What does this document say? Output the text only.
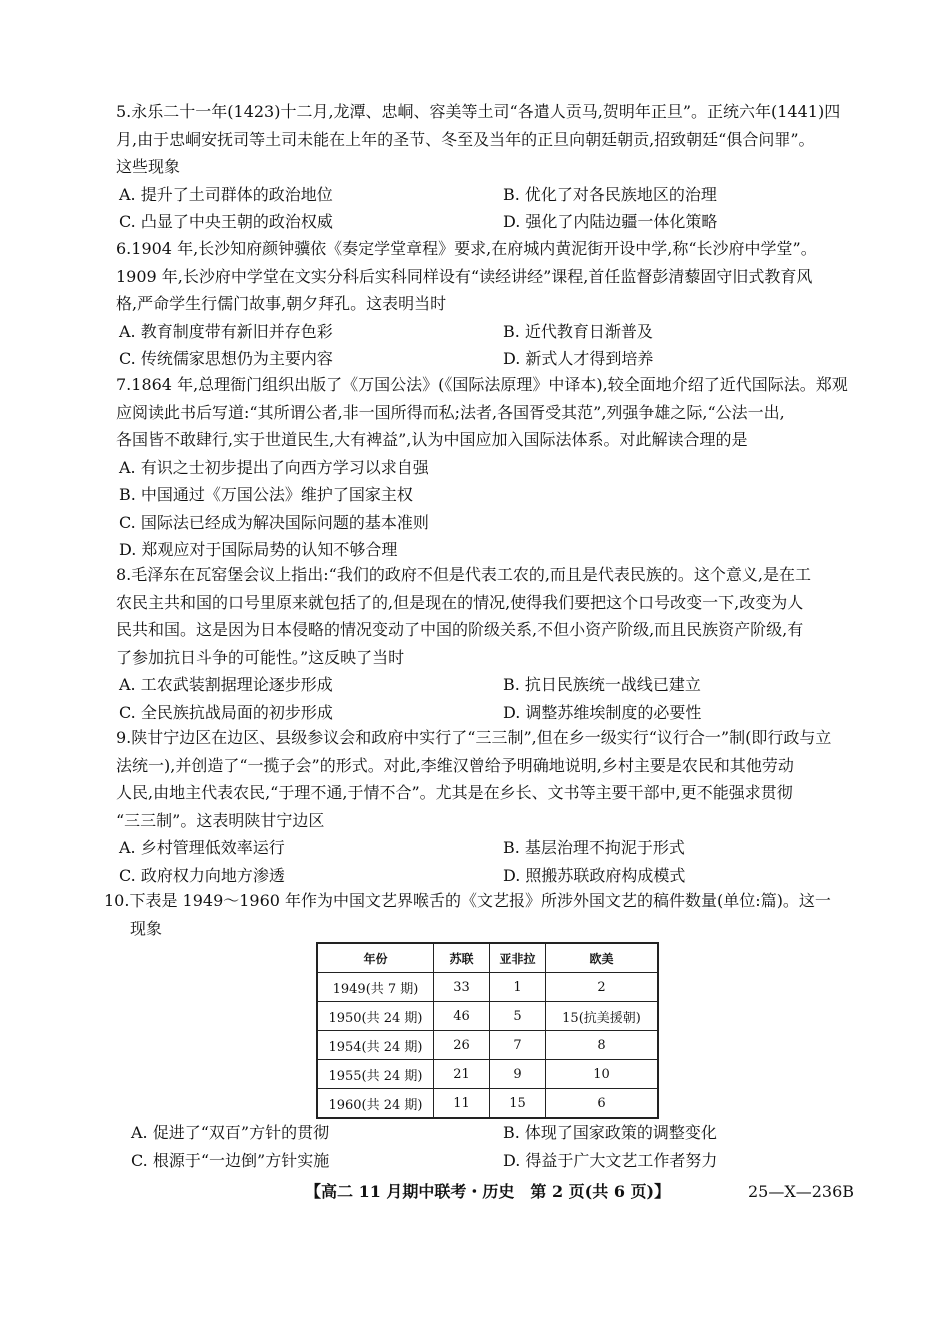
5.永乐二十一年(1423)十二月,龙潭、忠峒、容美等土司“各遣人贡马,贺明年正旦”。正统六年(1441)四
月,由于忠峒安抚司等土司未能在上年的圣节、冬至及当年的正旦向朝廷朝贡,招致朝廷“俱合问罪”。
这些现象

A. 提升了土司群体的政治地位	B. 优化了对各民族地区的治理
C. 凸显了中央王朝的政治权威	D. 强化了内陆边疆一体化策略

6.1904 年,长沙知府颜钟骥依《奏定学堂章程》要求,在府城内黄泥街开设中学,称“长沙府中学堂”。
1909 年,长沙府中学堂在文实分科后实科同样设有“读经讲经”课程,首任监督彭清藜固守旧式教育风
格,严命学生行儒门故事,朝夕拜孔。这表明当时

A. 教育制度带有新旧并存色彩	B. 近代教育日渐普及
C. 传统儒家思想仍为主要内容	D. 新式人才得到培养

7.1864 年,总理衙门组织出版了《万国公法》(《国际法原理》中译本),较全面地介绍了近代国际法。郑观
应阅读此书后写道:“其所谓公者,非一国所得而私;法者,各国胥受其范”,列强争雄之际,“公法一出,
各国皆不敢肆行,实于世道民生,大有裨益”,认为中国应加入国际法体系。对此解读合理的是

A. 有识之士初步提出了向西方学习以求自强
B. 中国通过《万国公法》维护了国家主权
C. 国际法已经成为解决国际问题的基本准则
D. 郑观应对于国际局势的认知不够合理

8.毛泽东在瓦窑堡会议上指出:“我们的政府不但是代表工农的,而且是代表民族的。这个意义,是在工
农民主共和国的口号里原来就包括了的,但是现在的情况,使得我们要把这个口号改变一下,改变为人
民共和国。这是因为日本侵略的情况变动了中国的阶级关系,不但小资产阶级,而且民族资产阶级,有
了参加抗日斗争的可能性。”这反映了当时

A. 工农武装割据理论逐步形成	B. 抗日民族统一战线已建立
C. 全民族抗战局面的初步形成	D. 调整苏维埃制度的必要性

9.陕甘宁边区在边区、县级参议会和政府中实行了“三三制”,但在乡一级实行“议行合一”制(即行政与立
法统一),并创造了“一揽子会”的形式。对此,李维汉曾给予明确地说明,乡村主要是农民和其他劳动
人民,由地主代表农民,“于理不通,于情不合”。尤其是在乡长、文书等主要干部中,更不能强求贯彻
“三三制”。这表明陕甘宁边区

A. 乡村管理低效率运行	B. 基层治理不拘泥于形式
C. 政府权力向地方渗透	D. 照搬苏联政府构成模式

10.下表是 1949～1960 年作为中国文艺界喉舌的《文艺报》所涉外国文艺的稿件数量(单位:篇)。这一
现象

年份	苏联	亚非拉	欧美
1949(共 7 期)	33	1	2
1950(共 24 期)	46	5	15(抗美援朝)
1954(共 24 期)	26	7	8
1955(共 24 期)	21	9	10
1960(共 24 期)	11	15	6
A. 促进了“双百”方针的贯彻	B. 体现了国家政策的调整变化
C. 根源于“一边倒”方针实施	D. 得益于广大文艺工作者努力
【高二 11 月期中联考・历史　第 2 页(共 6 页)】	25—X—236B
